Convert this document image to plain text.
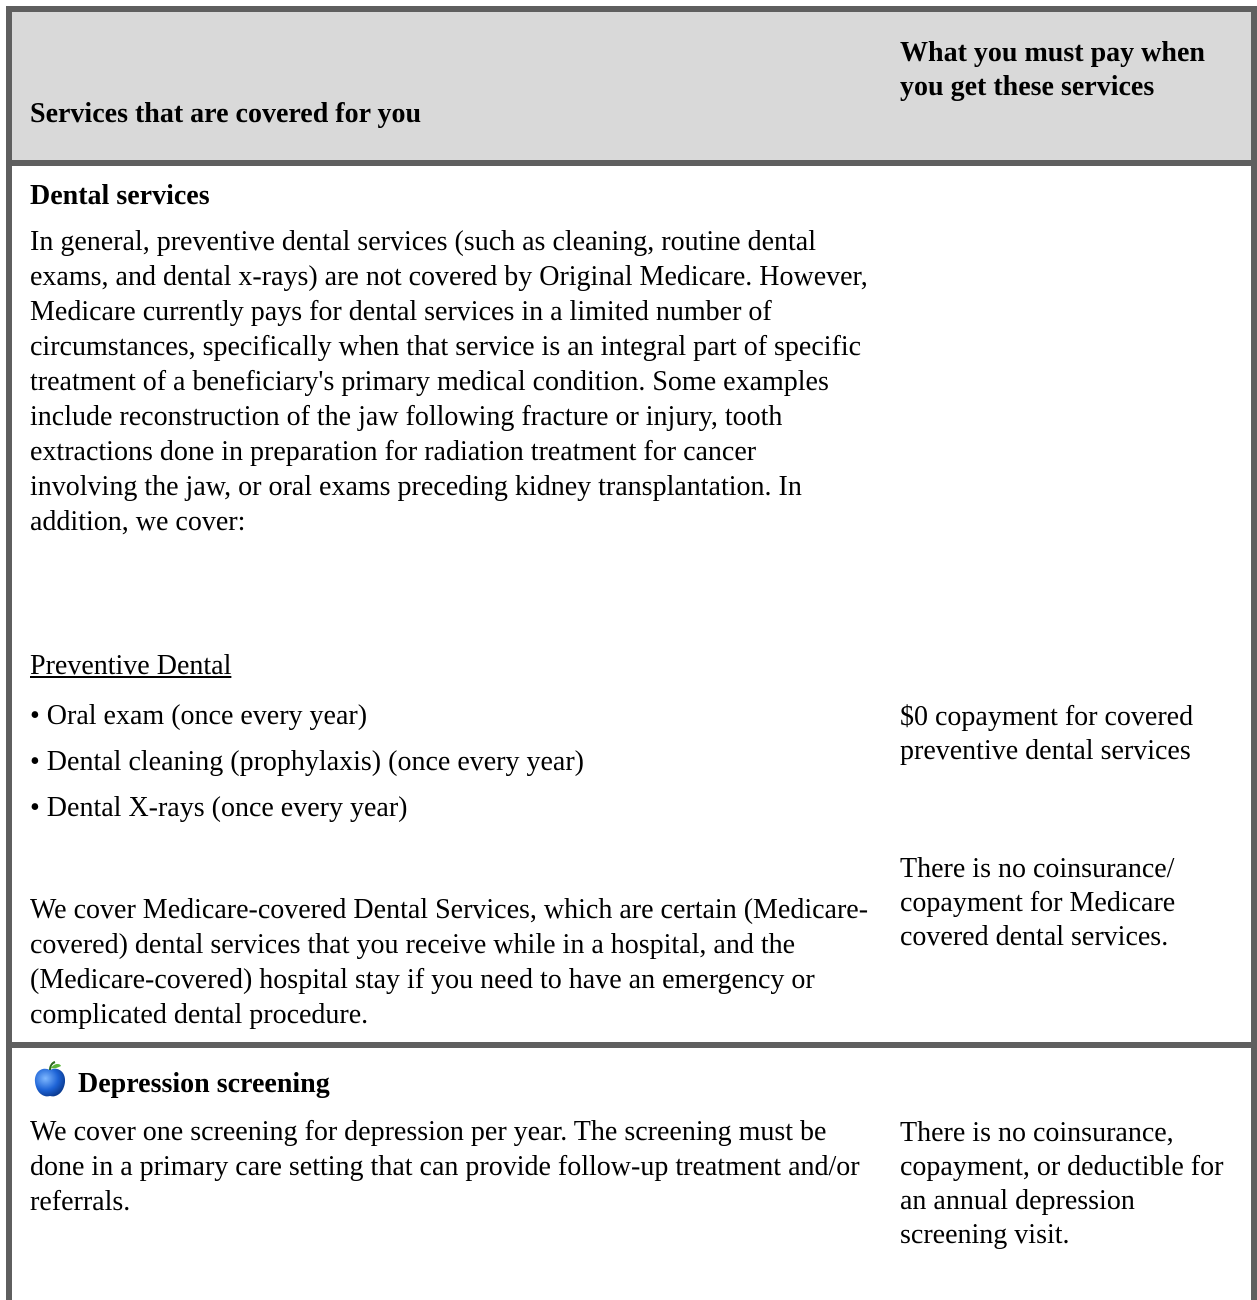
Services that are covered for you
What you must pay when you get these services
Dental services
In general, preventive dental services (such as cleaning, routine dental exams, and dental x-rays) are not covered by Original Medicare. However, Medicare currently pays for dental services in a limited number of circumstances, specifically when that service is an integral part of specific treatment of a beneficiary's primary medical condition. Some examples include reconstruction of the jaw following fracture or injury, tooth extractions done in preparation for radiation treatment for cancer involving the jaw, or oral exams preceding kidney transplantation. In addition, we cover:
Preventive Dental
• Oral exam (once every year)
• Dental cleaning (prophylaxis) (once every year)
• Dental X-rays (once every year)
$0 copayment for covered preventive dental services
We cover Medicare-covered Dental Services, which are certain (Medicare-covered) dental services that you receive while in a hospital, and the (Medicare-covered) hospital stay if you need to have an emergency or complicated dental procedure.
There is no coinsurance/ copayment for Medicare covered dental services.
Depression screening
We cover one screening for depression per year. The screening must be done in a primary care setting that can provide follow-up treatment and/or referrals.
There is no coinsurance, copayment, or deductible for an annual depression screening visit.
